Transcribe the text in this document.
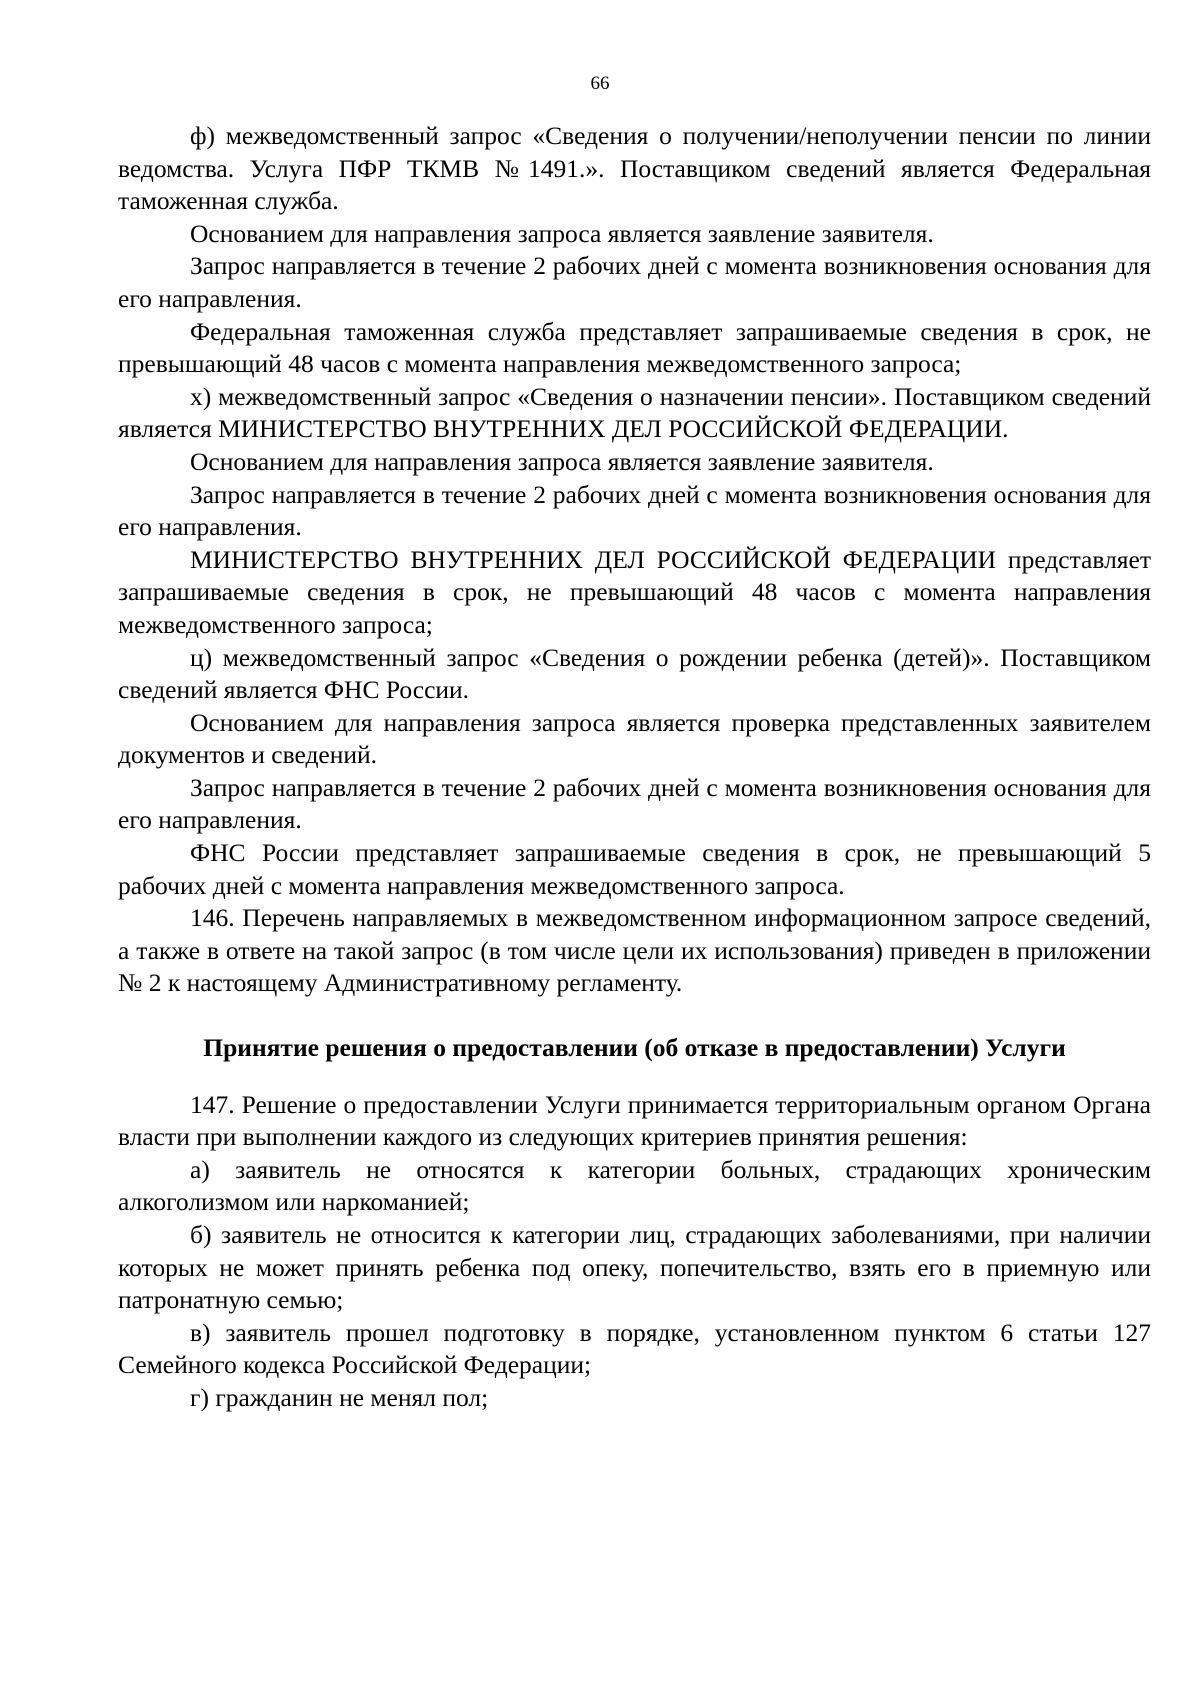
66

ф) межведомственный запрос «Сведения о получении/неполучении пенсии по линии ведомства. Услуга ПФР ТКМВ №1491.». Поставщиком сведений является Федеральная таможенная служба.

Основанием для направления запроса является заявление заявителя.

Запрос направляется в течение 2 рабочих дней с момента возникновения основания для его направления.

Федеральная таможенная служба представляет запрашиваемые сведения в срок, не превышающий 48 часов с момента направления межведомственного запроса;

х) межведомственный запрос «Сведения о назначении пенсии». Поставщиком сведений является МИНИСТЕРСТВО ВНУТРЕННИХ ДЕЛ РОССИЙСКОЙ ФЕДЕРАЦИИ.

Основанием для направления запроса является заявление заявителя.

Запрос направляется в течение 2 рабочих дней с момента возникновения основания для его направления.

МИНИСТЕРСТВО ВНУТРЕННИХ ДЕЛ РОССИЙСКОЙ ФЕДЕРАЦИИ представляет запрашиваемые сведения в срок, не превышающий 48 часов с момента направления межведомственного запроса;

ц) межведомственный запрос «Сведения о рождении ребенка (детей)». Поставщиком сведений является ФНС России.

Основанием для направления запроса является проверка представленных заявителем документов и сведений.

Запрос направляется в течение 2 рабочих дней с момента возникновения основания для его направления.

ФНС России представляет запрашиваемые сведения в срок, не превышающий 5 рабочих дней с момента направления межведомственного запроса.

146. Перечень направляемых в межведомственном информационном запросе сведений, а также в ответе на такой запрос (в том числе цели их использования) приведен в приложении № 2 к настоящему Административному регламенту.

Принятие решения о предоставлении (об отказе в предоставлении) Услуги

147. Решение о предоставлении Услуги принимается территориальным органом Органа власти при выполнении каждого из следующих критериев принятия решения:

а) заявитель не относятся к категории больных, страдающих хроническим алкоголизмом или наркоманией;

б) заявитель не относится к категории лиц, страдающих заболеваниями, при наличии которых не может принять ребенка под опеку, попечительство, взять его в приемную или патронатную семью;

в) заявитель прошел подготовку в порядке, установленном пунктом 6 статьи 127 Семейного кодекса Российской Федерации;

г) гражданин не менял пол;
